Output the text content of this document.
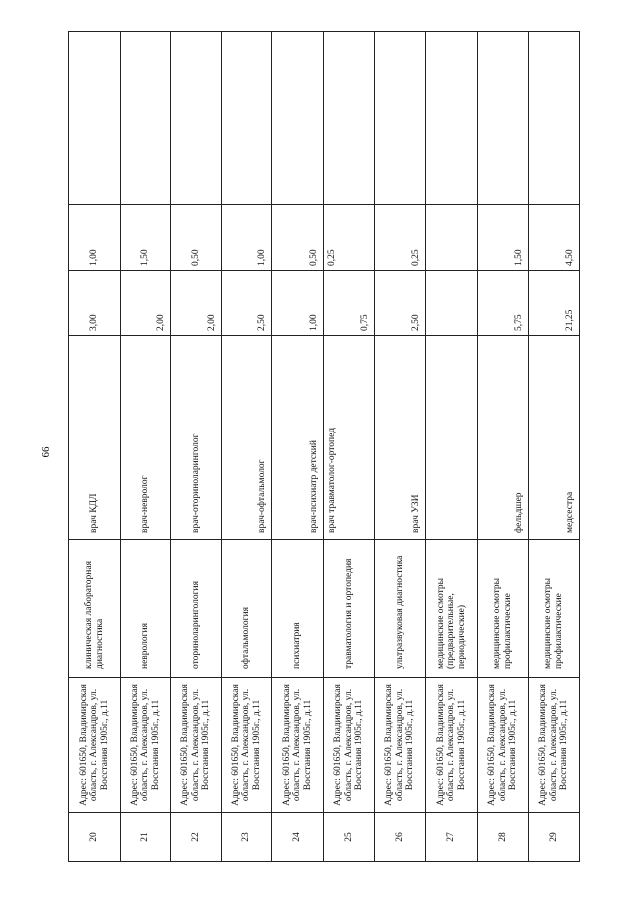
66
20	Адрес: 601650, Владимирская область, г. Александров, ул. Восстания 1905г., д.11	клиническая лабораторная диагностика	врач КДЛ	3,00	1,00	
21	Адрес: 601650, Владимирская область, г. Александров, ул. Восстания 1905г., д.11	неврология	врач-невролог	2,00	1,50	
22	Адрес: 601650, Владимирская область, г. Александров, ул. Восстания 1905г., д.11	оториноларингология	врач-оториноларинголог	2,00	0,50	
23	Адрес: 601650, Владимирская область, г. Александров, ул. Восстания 1905г., д.11	офтальмология	врач-офтальмолог	2,50	1,00	
24	Адрес: 601650, Владимирская область, г. Александров, ул. Восстания 1905г., д.11	психиатрия	врач-психиатр детский	1,00	0,50	
25	Адрес: 601650, Владимирская область, г. Александров, ул. Восстания 1905г., д.11	травматология и ортопедия	врач травматолог-ортопед	0,75	0,25	
26	Адрес: 601650, Владимирская область, г. Александров, ул. Восстания 1905г., д.11	ультразвуковая диагностика	врач УЗИ	2,50	0,25	
27	Адрес: 601650, Владимирская область, г. Александров, ул. Восстания 1905г., д.11	медицинские осмотры (предварительные, периодические)				
28	Адрес: 601650, Владимирская область, г. Александров, ул. Восстания 1905г., д.11	медицинские осмотры профилактические	фельдшер	5,75	1,50	
29	Адрес: 601650, Владимирская область, г. Александров, ул. Восстания 1905г., д.11	медицинские осмотры профилактические	медсестра	21,25	4,50	
